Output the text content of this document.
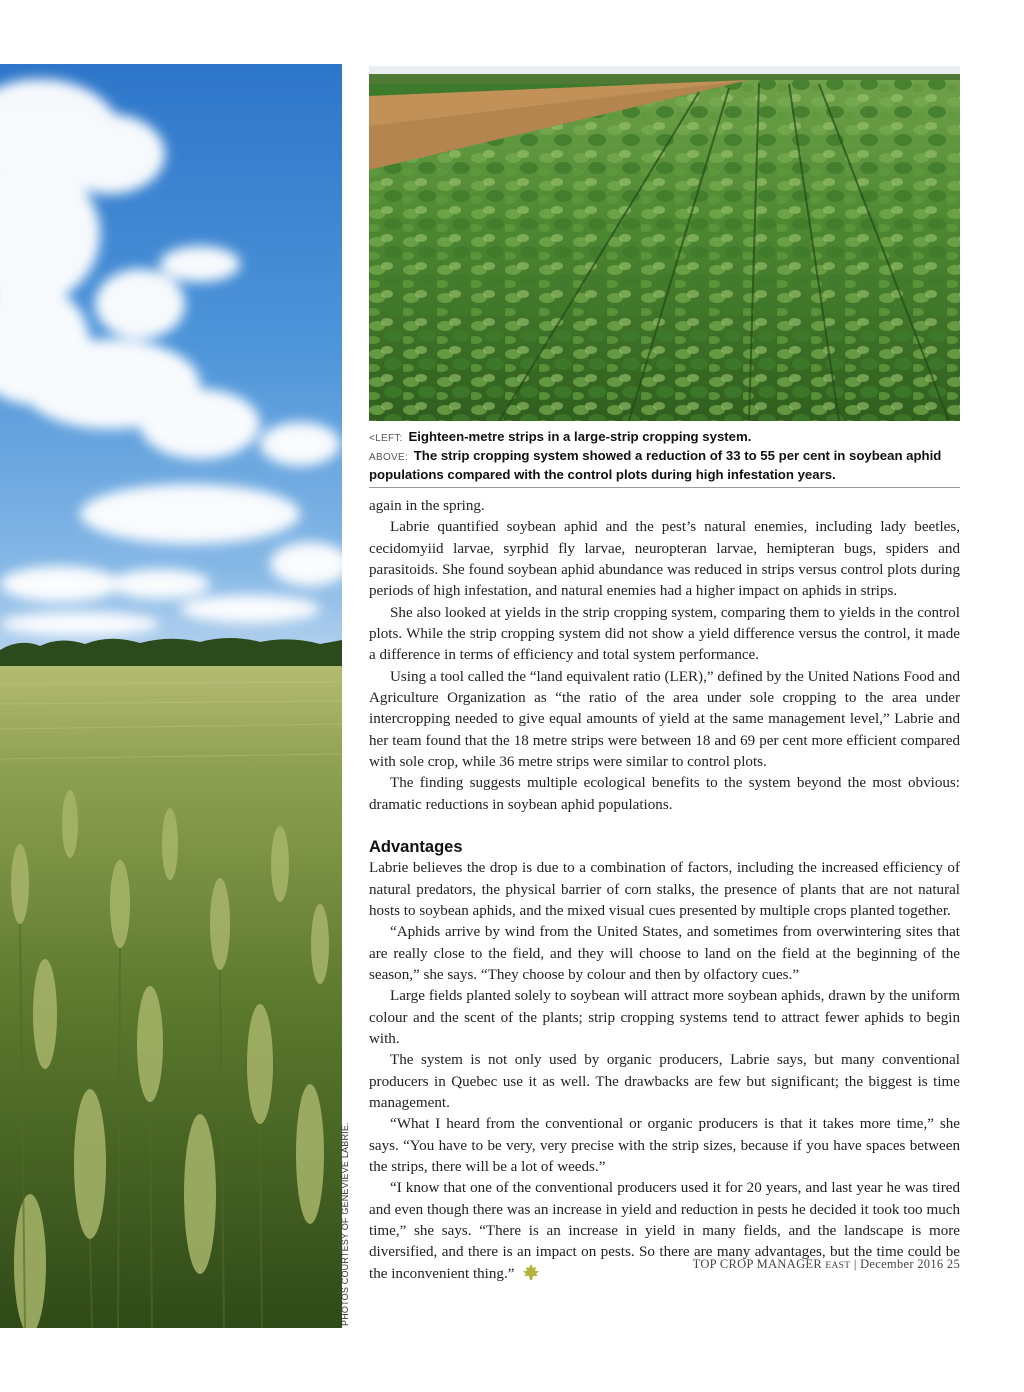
PHOTOS COURTESY OF GENEVIÈVE LABRIE.
<LEFT: Eighteen-metre strips in a large-strip cropping system.
ABOVE: The strip cropping system showed a reduction of 33 to 55 per cent in soybean aphid populations compared with the control plots during high infestation years.

again in the spring.

Labrie quantified soybean aphid and the pest’s natural enemies, including lady beetles, cecidomyiid larvae, syrphid fly larvae, neuropteran larvae, hemipteran bugs, spiders and parasitoids. She found soybean aphid abundance was reduced in strips versus control plots during periods of high infestation, and natural enemies had a higher impact on aphids in strips.

She also looked at yields in the strip cropping system, comparing them to yields in the control plots. While the strip cropping system did not show a yield difference versus the control, it made a difference in terms of efficiency and total system performance.

Using a tool called the “land equivalent ratio (LER),” defined by the United Nations Food and Agriculture Organization as “the ratio of the area under sole cropping to the area under intercropping needed to give equal amounts of yield at the same management level,” Labrie and her team found that the 18 metre strips were between 18 and 69 per cent more efficient compared with sole crop, while 36 metre strips were similar to control plots.

The finding suggests multiple ecological benefits to the system beyond the most obvious: dramatic reductions in soybean aphid populations.

Advantages

Labrie believes the drop is due to a combination of factors, including the increased efficiency of natural predators, the physical barrier of corn stalks, the presence of plants that are not natural hosts to soybean aphids, and the mixed visual cues presented by multiple crops planted together.

“Aphids arrive by wind from the United States, and sometimes from overwintering sites that are really close to the field, and they will choose to land on the field at the beginning of the season,” she says. “They choose by colour and then by olfactory cues.”

Large fields planted solely to soybean will attract more soybean aphids, drawn by the uniform colour and the scent of the plants; strip cropping systems tend to attract fewer aphids to begin with.

The system is not only used by organic producers, Labrie says, but many conventional producers in Quebec use it as well. The drawbacks are few but significant; the biggest is time management.

“What I heard from the conventional or organic producers is that it takes more time,” she says. “You have to be very, very precise with the strip sizes, because if you have spaces between the strips, there will be a lot of weeds.”

“I know that one of the conventional producers used it for 20 years, and last year he was tired and even though there was an increase in yield and reduction in pests he decided it took too much time,” she says. “There is an increase in yield in many fields, and the landscape is more diversified, and there is an impact on pests. So there are many advantages, but the time could be the inconvenient thing.”

TOP CROP MANAGER EAST | December 2016 25
